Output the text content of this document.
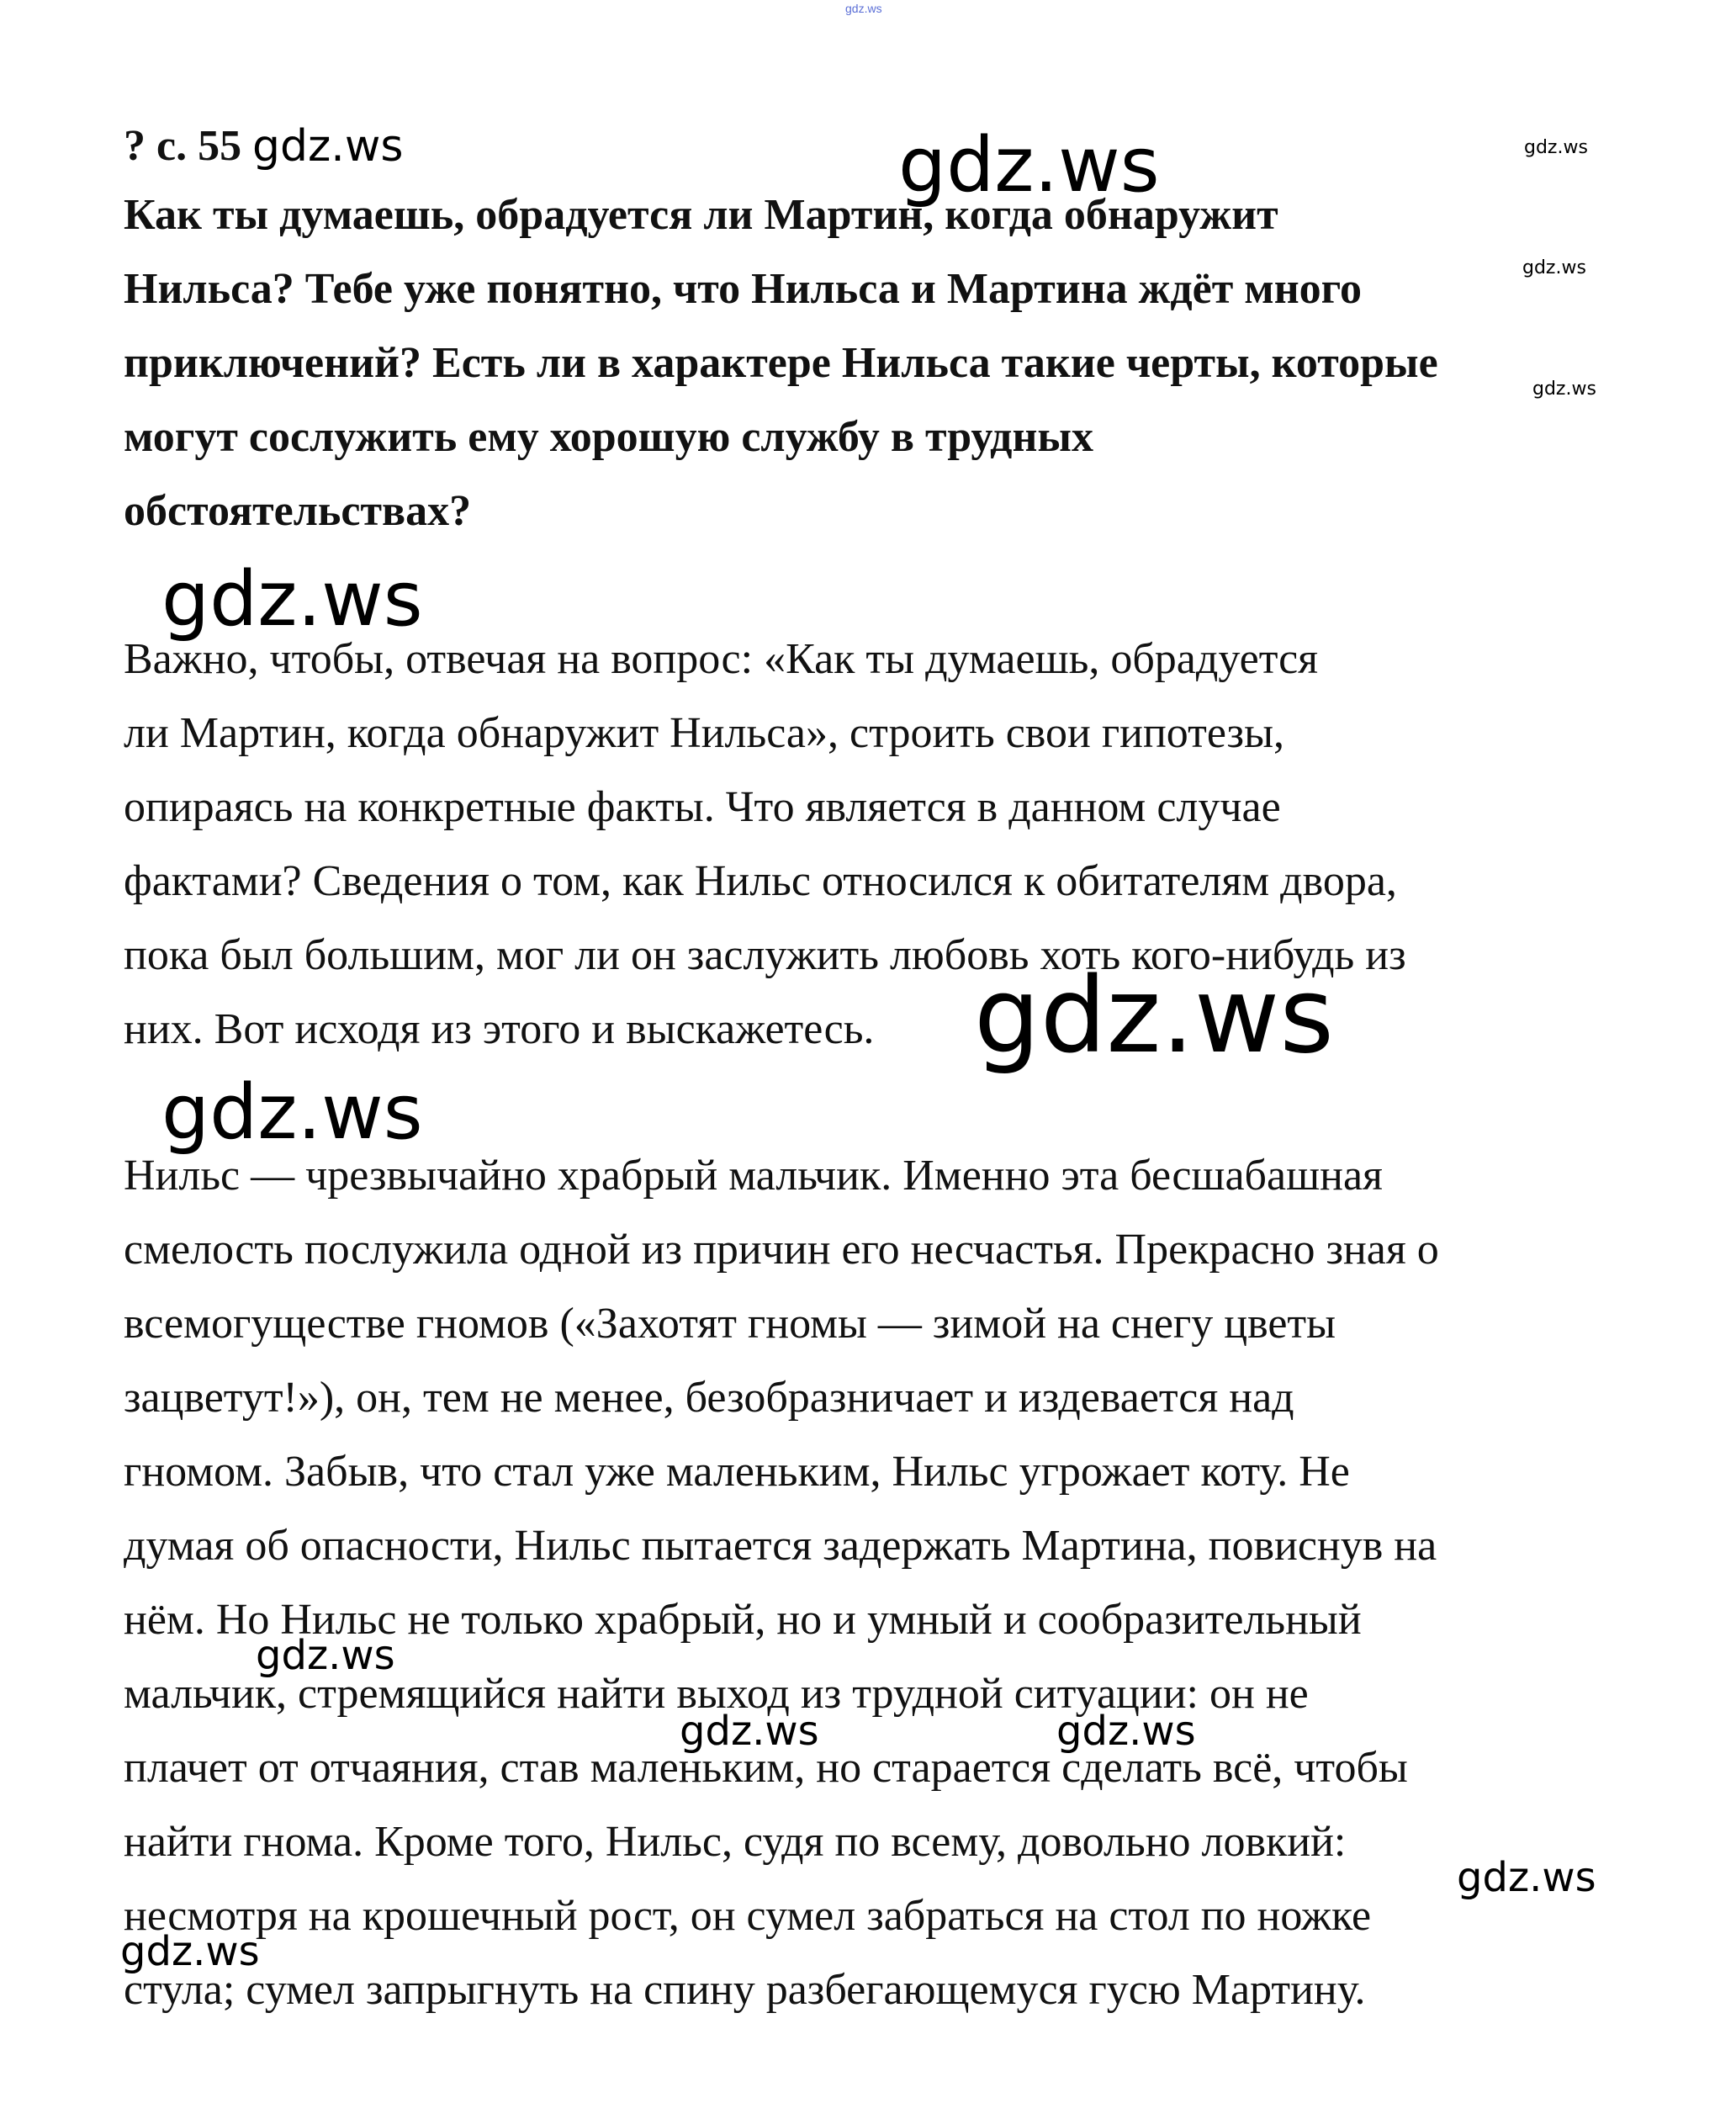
gdz.ws
? с. 55
Как ты думаешь, обрадуется ли Мартин, когда обнаружит
Нильса? Тебе уже понятно, что Нильса и Мартина ждёт много
приключений? Есть ли в характере Нильса такие черты, которые
могут сослужить ему хорошую службу в трудных
обстоятельствах?
Важно, чтобы, отвечая на вопрос: «Как ты думаешь, обрадуется
ли Мартин, когда обнаружит Нильса», строить свои гипотезы,
опираясь на конкретные факты. Что является в данном случае
фактами? Сведения о том, как Нильс относился к обитателям двора,
пока был большим, мог ли он заслужить любовь хоть кого-нибудь из
них. Вот исходя из этого и выскажетесь.
Нильс — чрезвычайно храбрый мальчик. Именно эта бесшабашная
смелость послужила одной из причин его несчастья. Прекрасно зная о
всемогуществе гномов («Захотят гномы — зимой на снегу цветы
зацветут!»), он, тем не менее, безобразничает и издевается над
гномом. Забыв, что стал уже маленьким, Нильс угрожает коту. Не
думая об опасности, Нильс пытается задержать Мартина, повиснув на
нём. Но Нильс не только храбрый, но и умный и сообразительный
мальчик, стремящийся найти выход из трудной ситуации: он не
плачет от отчаяния, став маленьким, но старается сделать всё, чтобы
найти гнома. Кроме того, Нильс, судя по всему, довольно ловкий:
несмотря на крошечный рост, он сумел забраться на стол по ножке
стула; сумел запрыгнуть на спину разбегающемуся гусю Мартину.
gdz.ws	gdz.ws	gdz.ws
gdz.ws
gdz.ws
gdz.ws
gdz.ws
gdz.ws
gdz.ws
gdz.ws	gdz.ws
gdz.ws
gdz.ws
